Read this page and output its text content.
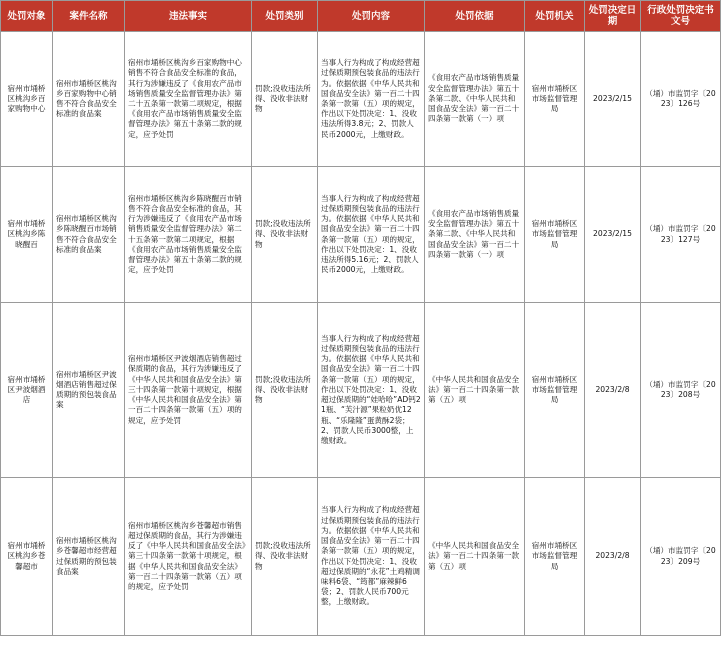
处罚对象	案件名称	违法事实	处罚类别	处罚内容	处罚依据	处罚机关	处罚决定日期	行政处罚决定书文号
宿州市埇桥区桃沟乡百家购物中心	宿州市埇桥区桃沟乡百家购物中心销售不符合食品安全标准的食品案	宿州市埇桥区桃沟乡百家购物中心销售不符合食品安全标准的食品，其行为涉嫌违反了《食用农产品市场销售质量安全监督管理办法》第二十五条第一款第二项规定，根据《食用农产品市场销售质量安全监督管理办法》第五十条第二款的规定，应予处罚	罚款;没收违法所得、没收非法财物	当事人行为构成了构成经营超过保质期预包装食品的违法行为。依据依据《中华人民共和国食品安全法》第一百二十四条第一款第（五）项的规定，作出以下处罚决定：1、没收违法所得3.8元；2、罚款人民币2000元，上缴财政。	《食用农产品市场销售质量安全监督管理办法》第五十条第二款、《中华人民共和国食品安全法》第一百二十四条第一款第（一）项	宿州市埇桥区市场监督管理局	2023/2/15	（埇）市监罚字〔2023〕126号
宿州市埇桥区桃沟乡陈晓醒百	宿州市埇桥区桃沟乡陈晓醒百市场销售不符合食品安全标准的食品案	宿州市埇桥区桃沟乡陈晓醒百市销售不符合食品安全标准的食品，其行为涉嫌违反了《食用农产品市场销售质量安全监督管理办法》第二十五条第一款第二项规定，根据《食用农产品市场销售质量安全监督管理办法》第五十条第二款的规定，应予处罚	罚款;没收违法所得、没收非法财物	当事人行为构成了构成经营超过保质期预包装食品的违法行为。依据依据《中华人民共和国食品安全法》第一百二十四条第一款第（五）项的规定，作出以下处罚决定：1、没收违法所得5.16元；2、罚款人民币2000元，上缴财政。	《食用农产品市场销售质量安全监督管理办法》第五十条第二款、《中华人民共和国食品安全法》第一百二十四条第一款第（一）项	宿州市埇桥区市场监督管理局	2023/2/15	（埇）市监罚字〔2023〕127号
宿州市埇桥区尹波烟酒店	宿州市埇桥区尹波烟酒店销售超过保质期的预包装食品案	宿州市埇桥区尹波烟酒店销售超过保质期的食品，其行为涉嫌违反了《中华人民共和国食品安全法》第三十四条第一款第十项规定，根据《中华人民共和国食品安全法》第一百二十四条第一款第（五）项的规定，应予处罚	罚款;没收违法所得、没收非法财物	当事人行为构成了构成经营超过保质期预包装食品的违法行为。依据依据《中华人民共和国食品安全法》第一百二十四条第一款第（五）项的规定，作出以下处罚决定：1、没收超过保质期的“娃哈哈”AD钙21瓶、“芙汁源”果粒奶优12瓶、“乐隆隆”蛋黄酥2袋；2、罚款人民币3000整，上缴财政。	《中华人民共和国食品安全法》第一百二十四条第一款第（五）项	宿州市埇桥区市场监督管理局	2023/2/8	（埇）市监罚字〔2023〕208号
宿州市埇桥区桃沟乡苍馨超市	宿州市埇桥区桃沟乡苍馨超市经营超过保质期的预包装食品案	宿州市埇桥区桃沟乡苍馨超市销售超过保质期的食品，其行为涉嫌违反了《中华人民共和国食品安全法》第三十四条第一款第十项规定，根据《中华人民共和国食品安全法》第一百二十四条第一款第（五）项的规定，应予处罚	罚款;没收违法所得、没收非法财物	当事人行为构成了构成经营超过保质期预包装食品的违法行为。依据依据《中华人民共和国食品安全法》第一百二十四条第一款第（五）项的规定，作出以下处罚决定：1、没收超过保质期的“永花”土鸡精调味料6袋、“筠都”麻辣鲜6袋；2、罚款人民币700元整，上缴财政。	《中华人民共和国食品安全法》第一百二十四条第一款第（五）项	宿州市埇桥区市场监督管理局	2023/2/8	（埇）市监罚字〔2023〕209号
